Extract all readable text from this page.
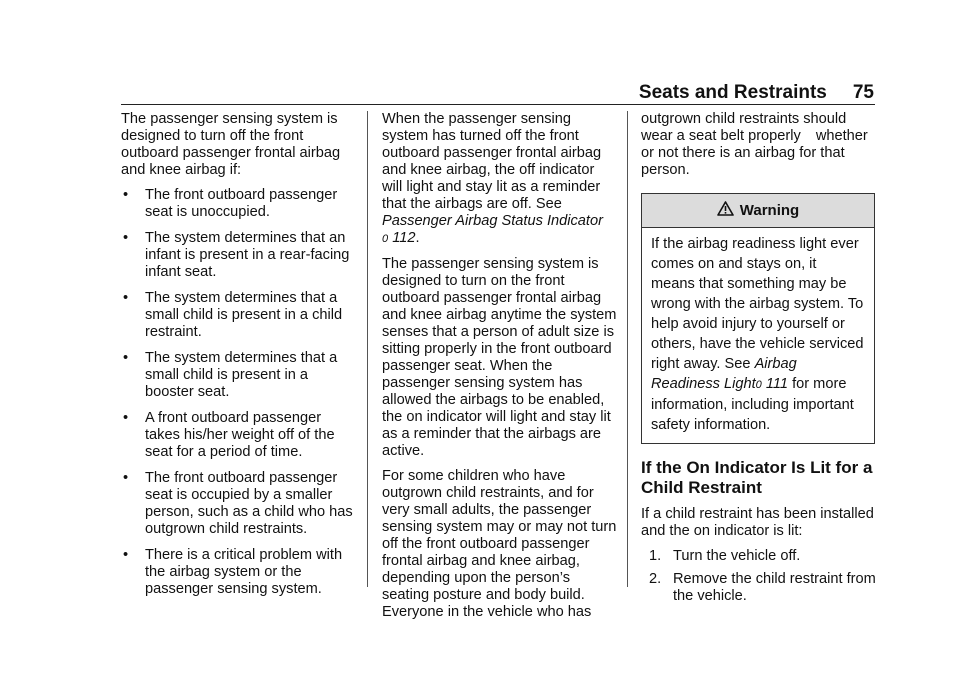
Seats and Restraints 75

The passenger sensing system is designed to turn off the front outboard passenger frontal airbag and knee airbag if:

• The front outboard passenger seat is unoccupied.
• The system determines that an infant is present in a rear-facing infant seat.
• The system determines that a small child is present in a child restraint.
• The system determines that a small child is present in a booster seat.
• A front outboard passenger takes his/her weight off of the seat for a period of time.
• The front outboard passenger seat is occupied by a smaller person, such as a child who has outgrown child restraints.
• There is a critical problem with the airbag system or the passenger sensing system.

When the passenger sensing system has turned off the front outboard passenger frontal airbag and knee airbag, the off indicator will light and stay lit as a reminder that the airbags are off. See Passenger Airbag Status Indicator
0 112.

The passenger sensing system is designed to turn on the front outboard passenger frontal airbag and knee airbag anytime the system senses that a person of adult size is sitting properly in the front outboard passenger seat. When the passenger sensing system has allowed the airbags to be enabled, the on indicator will light and stay lit as a reminder that the airbags are active.

For some children who have outgrown child restraints, and for very small adults, the passenger sensing system may or may not turn off the front outboard passenger frontal airbag and knee airbag, depending upon the person’s seating posture and body build. Everyone in the vehicle who has

outgrown child restraints should wear a seat belt properly whether or not there is an airbag for that person.

Warning
If the airbag readiness light ever comes on and stays on, it means that something may be wrong with the airbag system. To help avoid injury to yourself or others, have the vehicle serviced right away. See Airbag Readiness Light0 111 for more information, including important safety information.
If the On Indicator Is Lit for a Child Restraint

If a child restraint has been installed and the on indicator is lit:

1. Turn the vehicle off.
2. Remove the child restraint from the vehicle.
